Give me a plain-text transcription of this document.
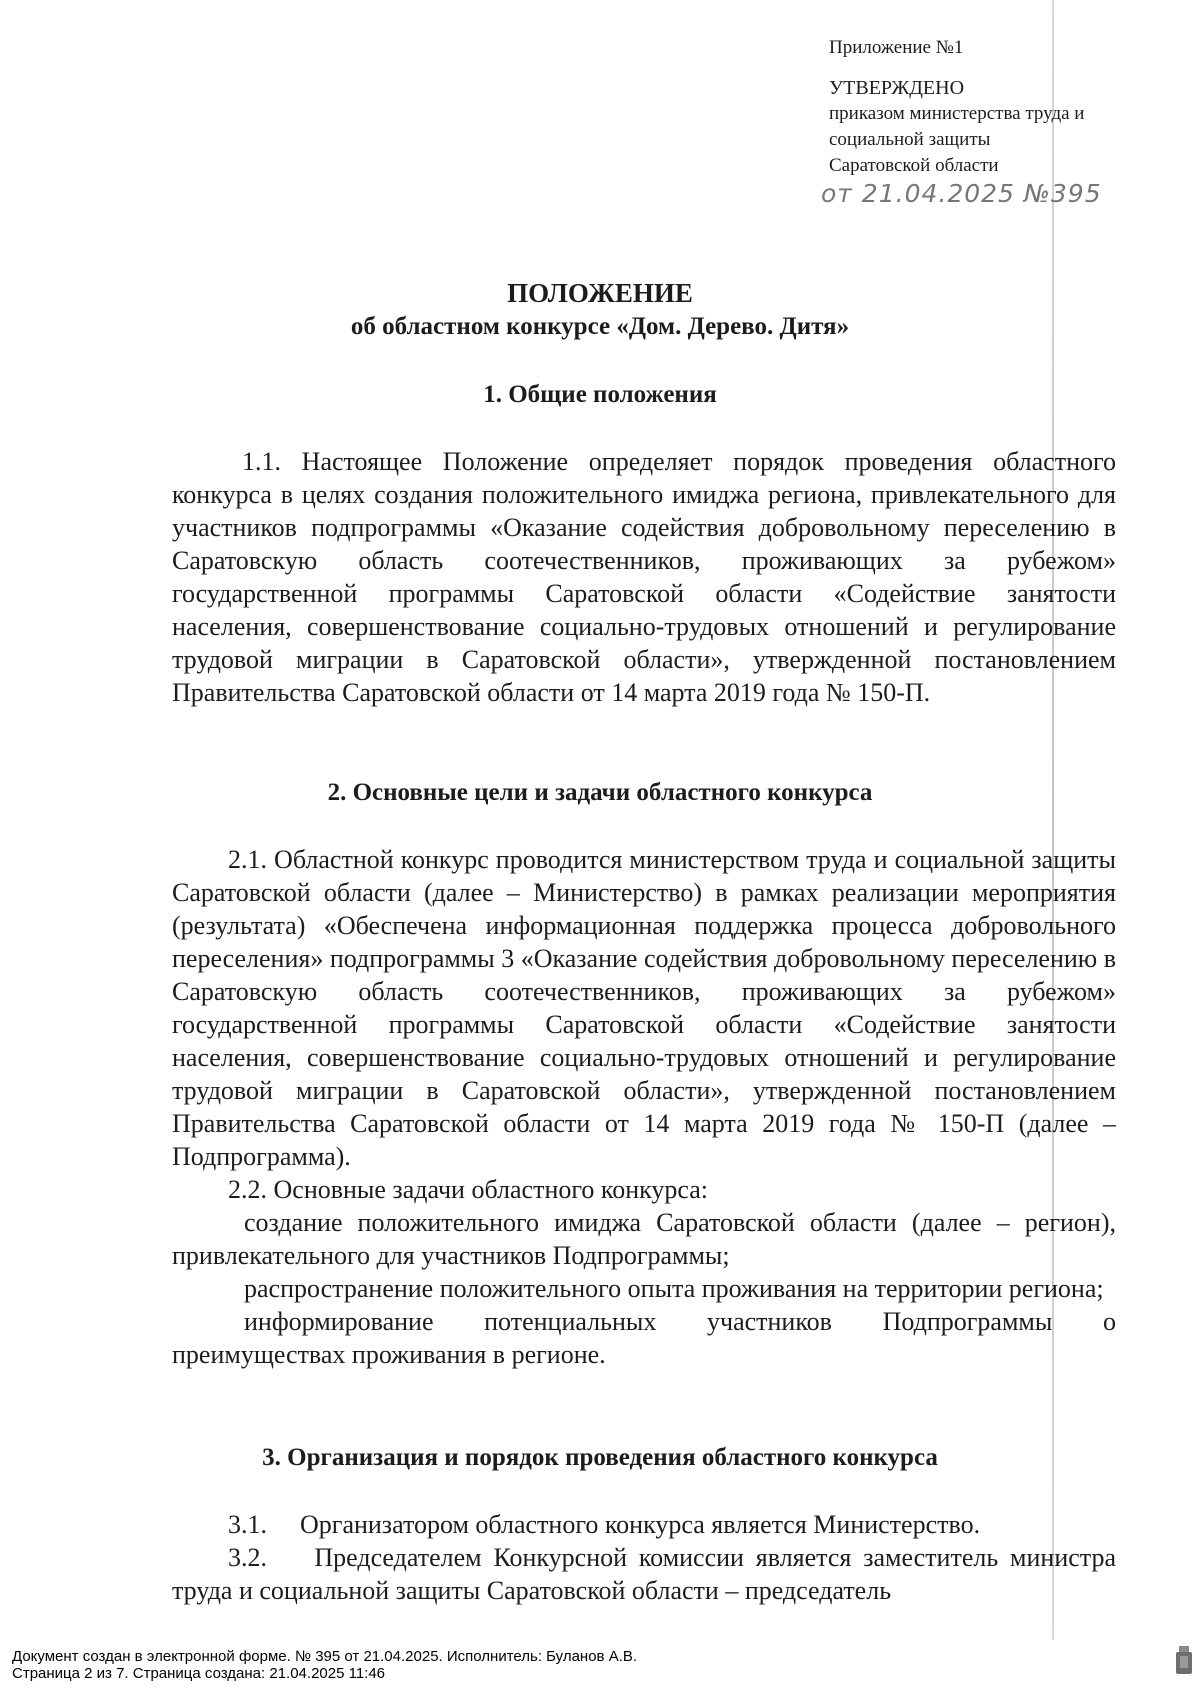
Приложение №1
УТВЕРЖДЕНО
приказом министерства труда и
социальной защиты
Саратовской области
от 21.04.2025 №395
ПОЛОЖЕНИЕ
об областном конкурсе «Дом. Дерево. Дитя»
1. Общие положения

1.1. Настоящее Положение определяет порядок проведения областного конкурса в целях создания положительного имиджа региона, привлекательного для участников подпрограммы «Оказание содействия добровольному переселению в Саратовскую область соотечественников, проживающих за рубежом» государственной программы Саратовской области «Содействие занятости населения, совершенствование социально-трудовых отношений и регулирование трудовой миграции в Саратовской области», утвержденной постановлением Правительства Саратовской области от 14 марта 2019 года № 150-П.

2. Основные цели и задачи областного конкурса

2.1. Областной конкурс проводится министерством труда и социальной защиты Саратовской области (далее – Министерство) в рамках реализации мероприятия (результата) «Обеспечена информационная поддержка процесса добровольного переселения» подпрограммы 3 «Оказание содействия добровольному переселению в Саратовскую область соотечественников, проживающих за рубежом» государственной программы Саратовской области «Содействие занятости населения, совершенствование социально-трудовых отношений и регулирование трудовой миграции в Саратовской области», утвержденной постановлением Правительства Саратовской области от 14 марта 2019 года № 150-П (далее – Подпрограмма).

2.2. Основные задачи областного конкурса:

создание положительного имиджа Саратовской области (далее – регион), привлекательного для участников Подпрограммы;

распространение положительного опыта проживания на территории региона;

информирование потенциальных участников Подпрограммы о преимуществах проживания в регионе.

3. Организация и порядок проведения областного конкурса
3.1.	Организатором областного конкурса является Министерство.

3.2. Председателем Конкурсной комиссии является заместитель министра труда и социальной защиты Саратовской области – председатель

Документ создан в электронной форме. № 395 от 21.04.2025. Исполнитель: Буланов А.В.
Страница 2 из 7. Страница создана: 21.04.2025 11:46
